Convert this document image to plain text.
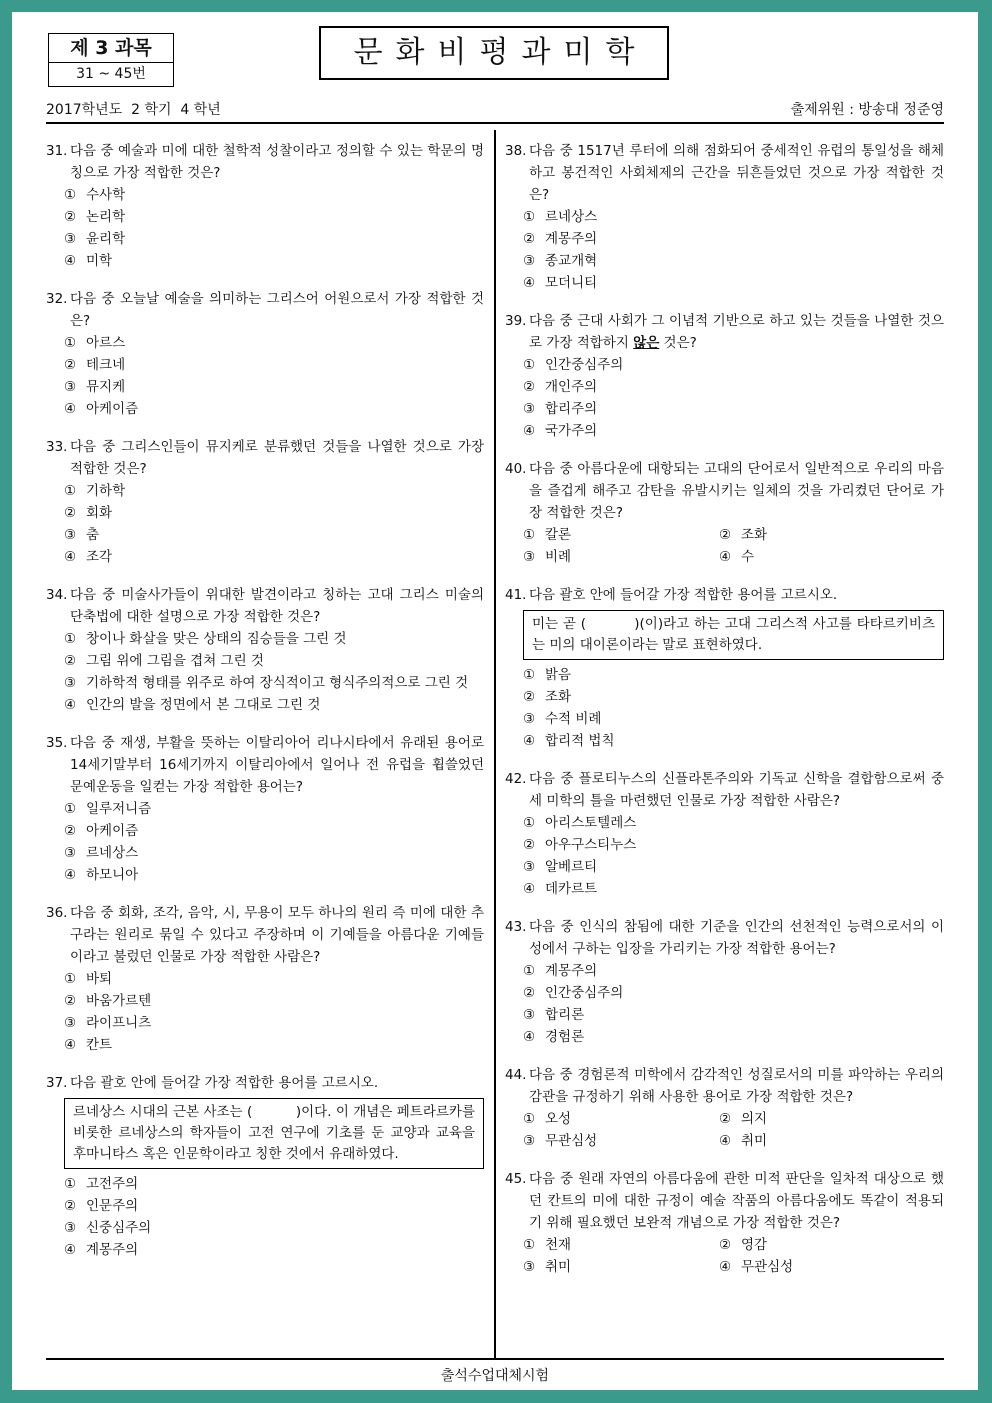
제 3 과목
31 ~ 45번
문화비평과미학
2017학년도  2 학기  4 학년	출제위원 : 방송대 정준영
31. 다음 중 예술과 미에 대한 철학적 성찰이라고 정의할 수 있는 학문의 명칭으로 가장 적합한 것은?
① 수사학
② 논리학
③ 윤리학
④ 미학
32. 다음 중 오늘날 예술을 의미하는 그리스어 어원으로서 가장 적합한 것은?
① 아르스
② 테크네
③ 뮤지케
④ 아케이즘
33. 다음 중 그리스인들이 뮤지케로 분류했던 것들을 나열한 것으로 가장 적합한 것은?
① 기하학
② 회화
③ 춤
④ 조각
34. 다음 중 미술사가들이 위대한 발견이라고 칭하는 고대 그리스 미술의 단축법에 대한 설명으로 가장 적합한 것은?
① 창이나 화살을 맞은 상태의 짐승들을 그린 것
② 그림 위에 그림을 겹쳐 그린 것
③ 기하학적 형태를 위주로 하여 장식적이고 형식주의적으로 그린 것
④ 인간의 발을 정면에서 본 그대로 그린 것
35. 다음 중 재생, 부활을 뜻하는 이탈리아어 리나시타에서 유래된 용어로 14세기말부터 16세기까지 이탈리아에서 일어나 전 유럽을 휩쓸었던 문예운동을 일컫는 가장 적합한 용어는?
① 일루저니즘
② 아케이즘
③ 르네상스
④ 하모니아
36. 다음 중 회화, 조각, 음악, 시, 무용이 모두 하나의 원리 즉 미에 대한 추구라는 원리로 묶일 수 있다고 주장하며 이 기예들을 아름다운 기예들이라고 불렀던 인물로 가장 적합한 사람은?
① 바퇴
② 바움가르텐
③ 라이프니츠
④ 칸트
37. 다음 괄호 안에 들어갈 가장 적합한 용어를 고르시오.
르네상스 시대의 근본 사조는 (          )이다. 이 개념은 페트라르카를 비롯한 르네상스의 학자들이 고전 연구에 기초를 둔 교양과 교육을 후마니타스 혹은 인문학이라고 칭한 것에서 유래하였다.
① 고전주의
② 인문주의
③ 신중심주의
④ 계몽주의
38. 다음 중 1517년 루터에 의해 점화되어 중세적인 유럽의 통일성을 해체하고 봉건적인 사회체제의 근간을 뒤흔들었던 것으로 가장 적합한 것은?
① 르네상스
② 계몽주의
③ 종교개혁
④ 모더니티
39. 다음 중 근대 사회가 그 이념적 기반으로 하고 있는 것들을 나열한 것으로 가장 적합하지 않은 것은?
① 인간중심주의
② 개인주의
③ 합리주의
④ 국가주의
40. 다음 중 아름다운에 대항되는 고대의 단어로서 일반적으로 우리의 마음을 즐겁게 해주고 감탄을 유발시키는 일체의 것을 가리켰던 단어로 가장 적합한 것은?
① 칼론	② 조화
③ 비례	④ 수
41. 다음 괄호 안에 들어갈 가장 적합한 용어를 고르시오.
미는 곧 (          )(이)라고 하는 고대 그리스적 사고를 타타르키비츠는 미의 대이론이라는 말로 표현하였다.
① 밝음
② 조화
③ 수적 비례
④ 합리적 법칙
42. 다음 중 플로티누스의 신플라톤주의와 기독교 신학을 결합함으로써 중세 미학의 틀을 마련했던 인물로 가장 적합한 사람은?
① 아리스토텔레스
② 아우구스티누스
③ 알베르티
④ 데카르트
43. 다음 중 인식의 참됨에 대한 기준을 인간의 선천적인 능력으로서의 이성에서 구하는 입장을 가리키는 가장 적합한 용어는?
① 계몽주의
② 인간중심주의
③ 합리론
④ 경험론
44. 다음 중 경험론적 미학에서 감각적인 성질로서의 미를 파악하는 우리의 감관을 규정하기 위해 사용한 용어로 가장 적합한 것은?
① 오성	② 의지
③ 무관심성	④ 취미
45. 다음 중 원래 자연의 아름다움에 관한 미적 판단을 일차적 대상으로 했던 칸트의 미에 대한 규정이 예술 작품의 아름다움에도 똑같이 적용되기 위해 필요했던 보완적 개념으로 가장 적합한 것은?
① 천재	② 영감
③ 취미	④ 무관심성
출석수업대체시험
